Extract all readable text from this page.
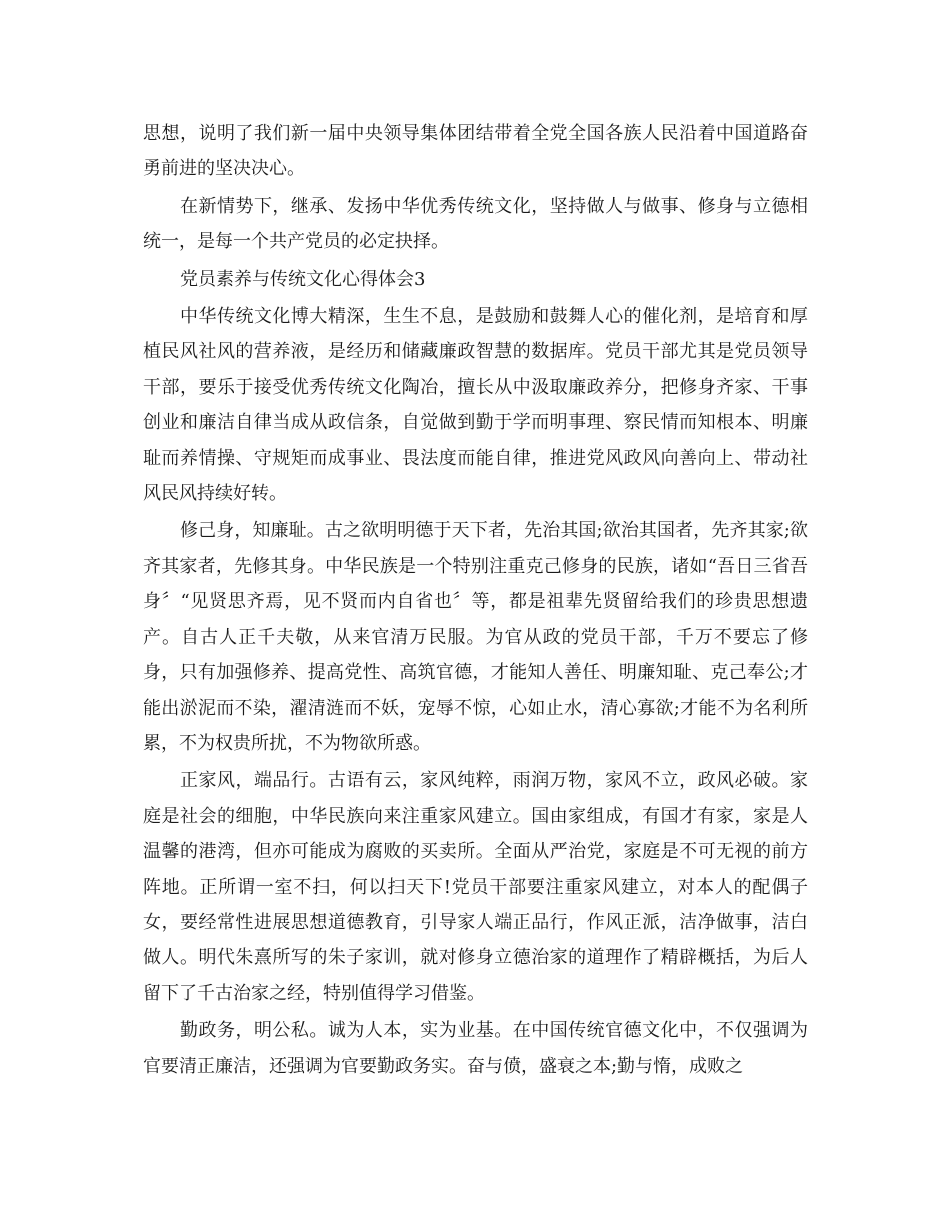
思想，说明了我们新一届中央领导集体团结带着全党全国各族人民沿着中国道路奋勇前进的坚决决心。

在新情势下，继承、发扬中华优秀传统文化，坚持做人与做事、修身与立德相统一，是每一个共产党员的必定抉择。

党员素养与传统文化心得体会3

中华传统文化博大精深，生生不息，是鼓励和鼓舞人心的催化剂，是培育和厚植民风社风的营养液，是经历和储藏廉政智慧的数据库。党员干部尤其是党员领导干部，要乐于接受优秀传统文化陶冶，擅长从中汲取廉政养分，把修身齐家、干事创业和廉洁自律当成从政信条，自觉做到勤于学而明事理、察民情而知根本、明廉耻而养情操、守规矩而成事业、畏法度而能自律，推进党风政风向善向上、带动社风民风持续好转。

修己身，知廉耻。古之欲明明德于天下者，先治其国;欲治其国者，先齐其家;欲齐其家者，先修其身。中华民族是一个特别注重克己修身的民族，诸如“吾日三省吾身〞“见贤思齐焉，见不贤而内自省也〞等，都是祖辈先贤留给我们的珍贵思想遗产。自古人正千夫敬，从来官清万民服。为官从政的党员干部，千万不要忘了修身，只有加强修养、提高党性、高筑官德，才能知人善任、明廉知耻、克己奉公;才能出淤泥而不染，濯清涟而不妖，宠辱不惊，心如止水，清心寡欲;才能不为名利所累，不为权贵所扰，不为物欲所惑。

正家风，端品行。古语有云，家风纯粹，雨润万物，家风不立，政风必破。家庭是社会的细胞，中华民族向来注重家风建立。国由家组成，有国才有家，家是人温馨的港湾，但亦可能成为腐败的买卖所。全面从严治党，家庭是不可无视的前方阵地。正所谓一室不扫，何以扫天下!党员干部要注重家风建立，对本人的配偶子女，要经常性进展思想道德教育，引导家人端正品行，作风正派，洁净做事，洁白做人。明代朱熹所写的朱子家训，就对修身立德治家的道理作了精辟概括，为后人留下了千古治家之经，特别值得学习借鉴。

勤政务，明公私。诚为人本，实为业基。在中国传统官德文化中，不仅强调为官要清正廉洁，还强调为官要勤政务实。奋与偾，盛衰之本;勤与惰，成败之
